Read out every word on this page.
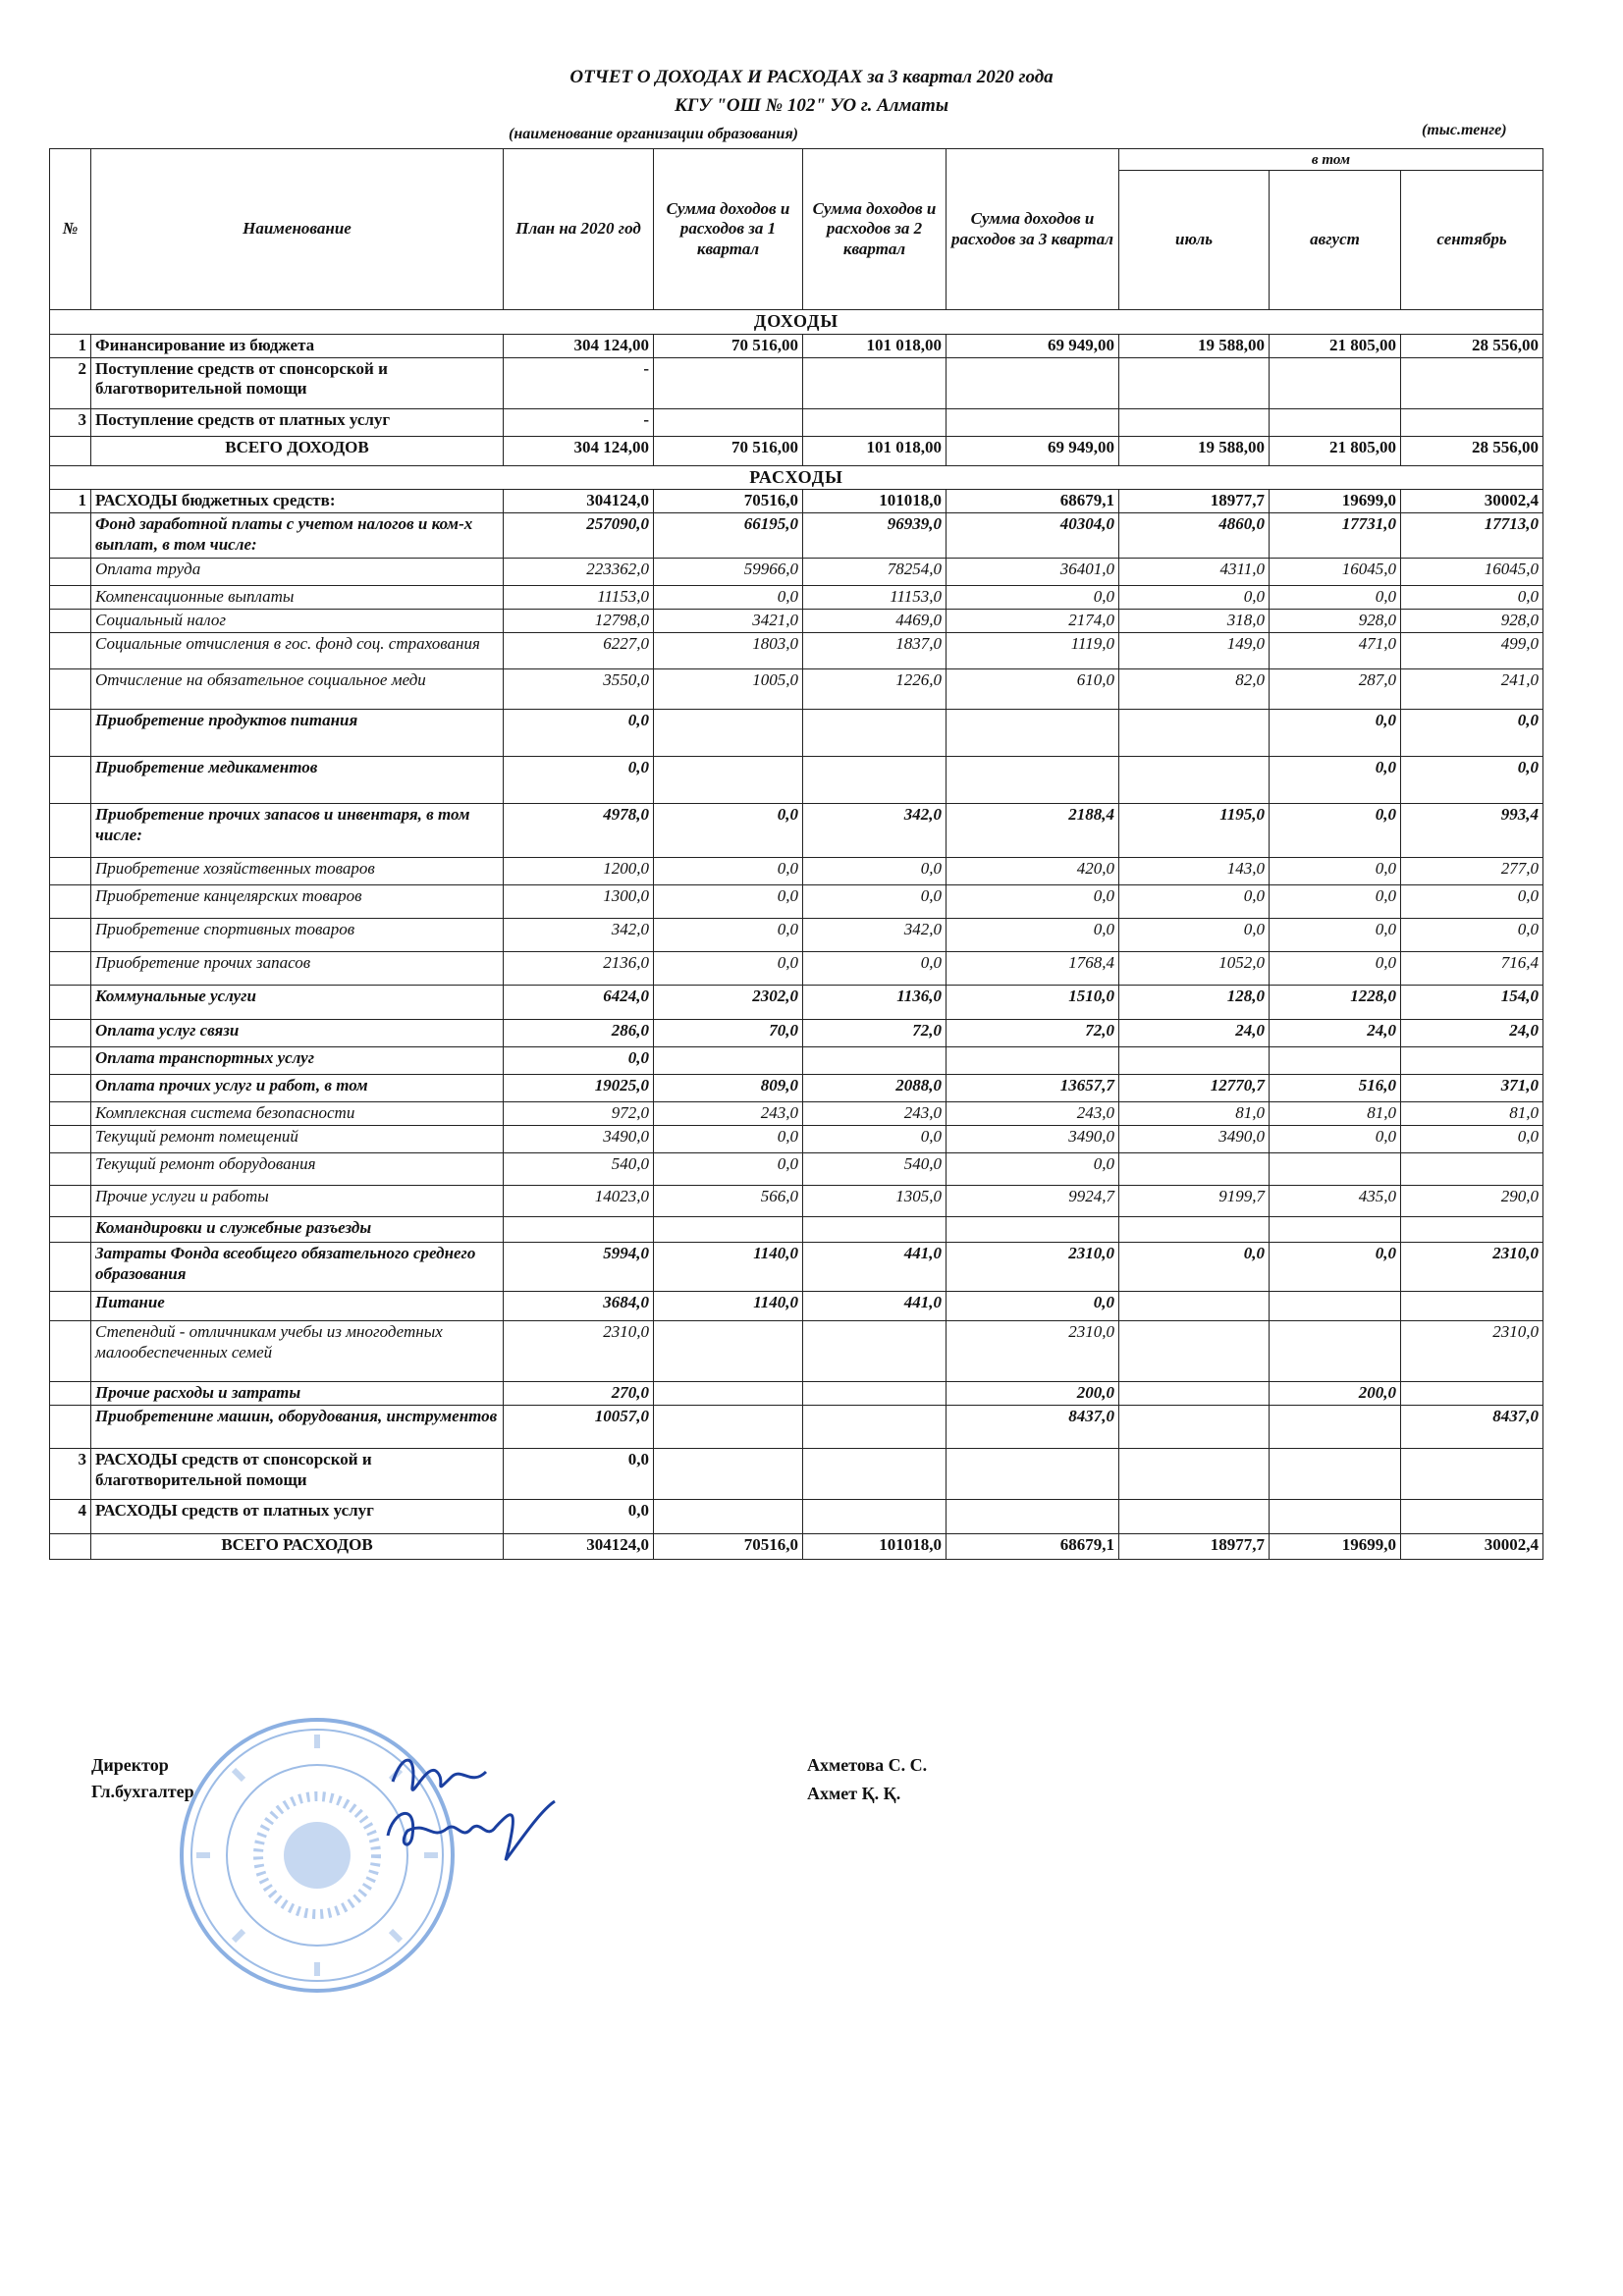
ОТЧЕТ О ДОХОДАХ И РАСХОДАХ за 3 квартал 2020 года
КГУ "ОШ № 102" УО г. Алматы
(наименование организации образования)	(тыс.тенге)
№	Наименование	План на 2020 год	Сумма доходов и расходов за 1 квартал	Сумма доходов и расходов за 2 квартал	Сумма доходов и расходов за 3 квартал	в том		
						июль	август	сентябрь
ДОХОДЫ								
1	Финансирование из бюджета	304 124,00	70 516,00	101 018,00	69 949,00	19 588,00	21 805,00	28 556,00
2	Поступление средств от спонсорской и благотворительной помощи	-						
3	Поступление средств от платных услуг	-						
	ВСЕГО ДОХОДОВ	304 124,00	70 516,00	101 018,00	69 949,00	19 588,00	21 805,00	28 556,00
РАСХОДЫ								
1	РАСХОДЫ бюджетных средств:	304124,0	70516,0	101018,0	68679,1	18977,7	19699,0	30002,4
	Фонд заработной платы с учетом налогов и ком-х выплат, в том числе:	257090,0	66195,0	96939,0	40304,0	4860,0	17731,0	17713,0
	Оплата труда	223362,0	59966,0	78254,0	36401,0	4311,0	16045,0	16045,0
	Компенсационные выплаты	11153,0	0,0	11153,0	0,0	0,0	0,0	0,0
	Социальный налог	12798,0	3421,0	4469,0	2174,0	318,0	928,0	928,0
	Социальные отчисления в гос. фонд соц. страхования	6227,0	1803,0	1837,0	1119,0	149,0	471,0	499,0
	Отчисление на обязательное социальное меди	3550,0	1005,0	1226,0	610,0	82,0	287,0	241,0
	Приобретение продуктов питания	0,0					0,0	0,0
	Приобретение медикаментов	0,0					0,0	0,0
	Приобретение прочих запасов и инвентаря, в том числе:	4978,0	0,0	342,0	2188,4	1195,0	0,0	993,4
	Приобретение хозяйственных товаров	1200,0	0,0	0,0	420,0	143,0	0,0	277,0
	Приобретение канцелярских товаров	1300,0	0,0	0,0	0,0	0,0	0,0	0,0
	Приобретение спортивных товаров	342,0	0,0	342,0	0,0	0,0	0,0	0,0
	Приобретение прочих запасов	2136,0	0,0	0,0	1768,4	1052,0	0,0	716,4
	Коммунальные услуги	6424,0	2302,0	1136,0	1510,0	128,0	1228,0	154,0
	Оплата услуг связи	286,0	70,0	72,0	72,0	24,0	24,0	24,0
	Оплата транспортных услуг	0,0						
	Оплата прочих услуг и работ, в том	19025,0	809,0	2088,0	13657,7	12770,7	516,0	371,0
	Комплексная система безопасности	972,0	243,0	243,0	243,0	81,0	81,0	81,0
	Текущий ремонт помещений	3490,0	0,0	0,0	3490,0	3490,0	0,0	0,0
	Текущий ремонт оборудования	540,0	0,0	540,0	0,0			
	Прочие услуги и работы	14023,0	566,0	1305,0	9924,7	9199,7	435,0	290,0
	Командировки и служебные разъезды							
	Затраты Фонда всеобщего обязательного среднего образования	5994,0	1140,0	441,0	2310,0	0,0	0,0	2310,0
	Питание	3684,0	1140,0	441,0	0,0			
	Степендий - отличникам учебы из многодетных малообеспеченных семей	2310,0			2310,0			2310,0
	Прочие расходы и затраты	270,0			200,0		200,0	
	Приобретенине машин, оборудования, инструментов	10057,0			8437,0			8437,0
3	РАСХОДЫ средств от спонсорской и благотворительной помощи	0,0						
4	РАСХОДЫ средств от платных услуг	0,0						
	ВСЕГО РАСХОДОВ	304124,0	70516,0	101018,0	68679,1	18977,7	19699,0	30002,4
Директор
Гл.бухгалтер
Ахметова С. С.
Ахмет Қ. Қ.
